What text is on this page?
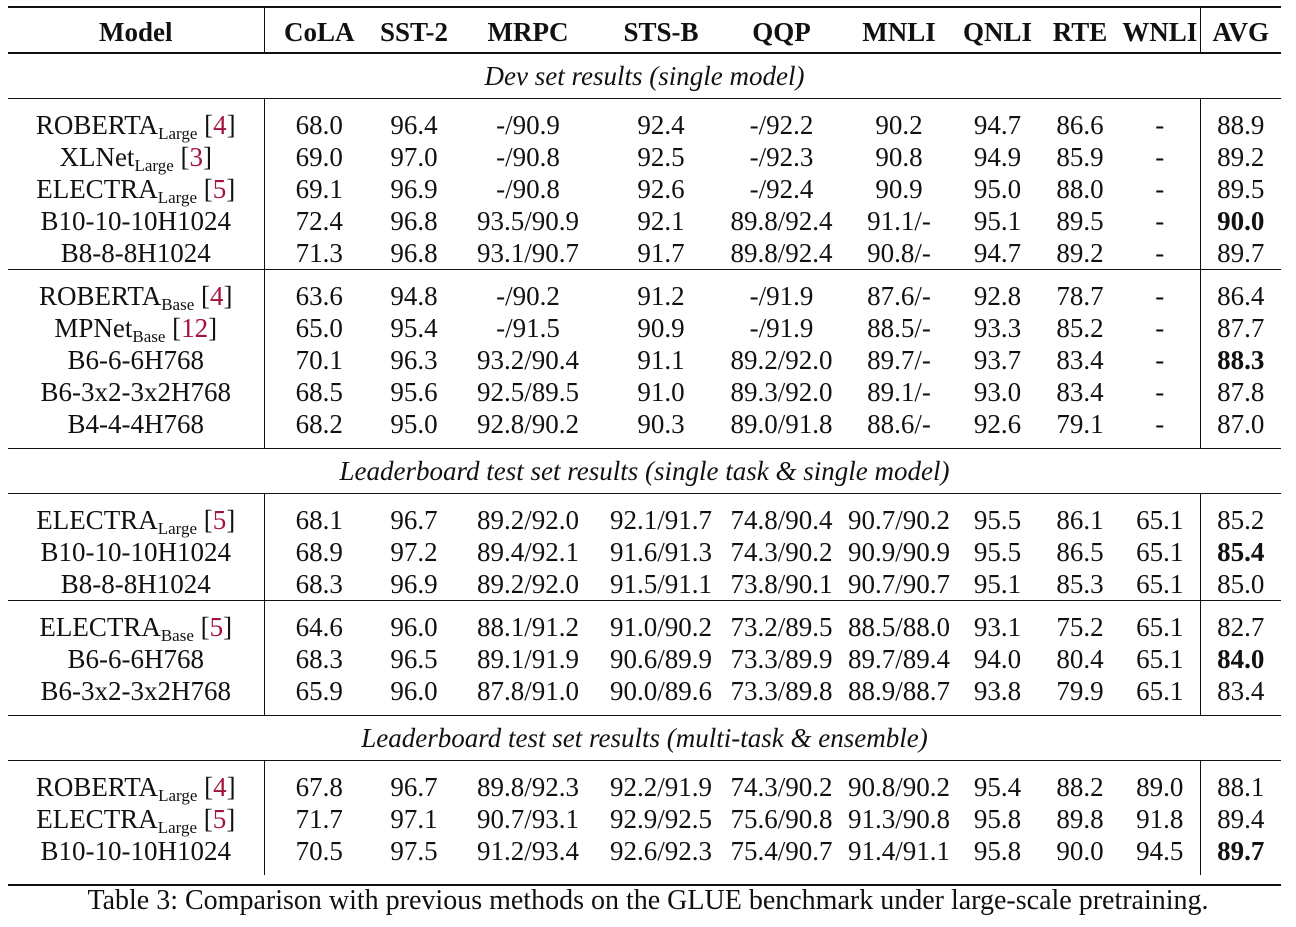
Model	CoLA	SST-2	MRPC	STS-B	QQP	MNLI	QNLI	RTE	WNLI	AVG
Dev set results (single model)										

$ROBERTA_{Large}$ [4]	68.0	96.4	-/90.9	92.4	-/92.2	90.2	94.7	86.6	-	88.9
XLNet$_{Large}$ [3]	69.0	97.0	-/90.8	92.5	-/92.3	90.8	94.9	85.9	-	89.2
$ELECTRA_{Large}$ [5]	69.1	96.9	-/90.8	92.6	-/92.4	90.9	95.0	88.0	-	89.5
B10-10-10H1024	72.4	96.8	93.5/90.9	92.1	89.8/92.4	91.1/-	95.1	89.5	-	90.0
B8-8-8H1024	71.3	96.8	93.1/90.7	91.7	89.8/92.4	90.8/-	94.7	89.2	-	89.7

$ROBERTA_{Base}$ [4]	63.6	94.8	-/90.2	91.2	-/91.9	87.6/-	92.8	78.7	-	86.4
MPNet$_{Base}$ [12]	65.0	95.4	-/91.5	90.9	-/91.9	88.5/-	93.3	85.2	-	87.7
B6-6-6H768	70.1	96.3	93.2/90.4	91.1	89.2/92.0	89.7/-	93.7	83.4	-	88.3
B6-3x2-3x2H768	68.5	95.6	92.5/89.5	91.0	89.3/92.0	89.1/-	93.0	83.4	-	87.8
B4-4-4H768	68.2	95.0	92.8/90.2	90.3	89.0/91.8	88.6/-	92.6	79.1	-	87.0

Leaderboard test set results (single task & single model)										

$ELECTRA_{Large}$ [5]	68.1	96.7	89.2/92.0	92.1/91.7	74.8/90.4	90.7/90.2	95.5	86.1	65.1	85.2
B10-10-10H1024	68.9	97.2	89.4/92.1	91.6/91.3	74.3/90.2	90.9/90.9	95.5	86.5	65.1	85.4
B8-8-8H1024	68.3	96.9	89.2/92.0	91.5/91.1	73.8/90.1	90.7/90.7	95.1	85.3	65.1	85.0

$ELECTRA_{Base}$ [5]	64.6	96.0	88.1/91.2	91.0/90.2	73.2/89.5	88.5/88.0	93.1	75.2	65.1	82.7
B6-6-6H768	68.3	96.5	89.1/91.9	90.6/89.9	73.3/89.9	89.7/89.4	94.0	80.4	65.1	84.0
B6-3x2-3x2H768	65.9	96.0	87.8/91.0	90.0/89.6	73.3/89.8	88.9/88.7	93.8	79.9	65.1	83.4

Leaderboard test set results (multi-task & ensemble)										

$ROBERTA_{Large}$ [4]	67.8	96.7	89.8/92.3	92.2/91.9	74.3/90.2	90.8/90.2	95.4	88.2	89.0	88.1
$ELECTRA_{Large}$ [5]	71.7	97.1	90.7/93.1	92.9/92.5	75.6/90.8	91.3/90.8	95.8	89.8	91.8	89.4
B10-10-10H1024	70.5	97.5	91.2/93.4	92.6/92.3	75.4/90.7	91.4/91.1	95.8	90.0	94.5	89.7

Table 3: Comparison with previous methods on the GLUE benchmark under large-scale pretraining.
